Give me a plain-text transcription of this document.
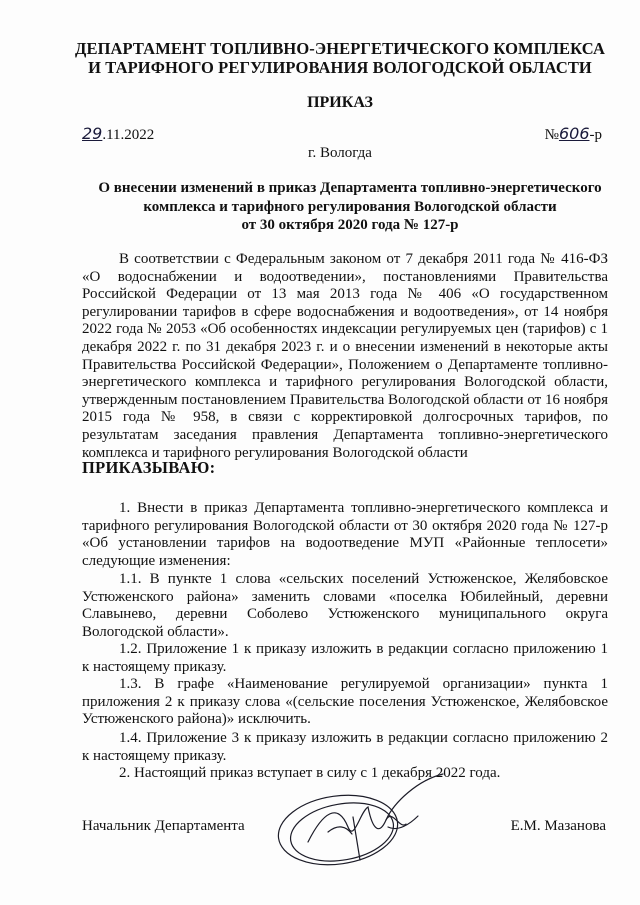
ДЕПАРТАМЕНТ ТОПЛИВНО-ЭНЕРГЕТИЧЕСКОГО КОМПЛЕКСА
И ТАРИФНОГО РЕГУЛИРОВАНИЯ ВОЛОГОДСКОЙ ОБЛАСТИ
ПРИКАЗ
29.11.2022	№606-р
г. Вологда
О внесении изменений в приказ Департамента топливно-энергетического
комплекса и тарифного регулирования Вологодской области
от 30 октября 2020 года № 127-р

В соответствии с Федеральным законом от 7 декабря 2011 года № 416-ФЗ «О водоснабжении и водоотведении», постановлениями Правительства Российской Федерации от 13 мая 2013 года № 406 «О государственном регулировании тарифов в сфере водоснабжения и водоотведения», от 14 ноября 2022 года № 2053 «Об особенностях индексации регулируемых цен (тарифов) с 1 декабря 2022 г. по 31 декабря 2023 г. и о внесении изменений в некоторые акты Правительства Российской Федерации», Положением о Департаменте топливно-энергетического комплекса и тарифного регулирования Вологодской области, утвержденным постановлением Правительства Вологодской области от 16 ноября 2015 года № 958, в связи с корректировкой долгосрочных тарифов, по результатам заседания правления Департамента топливно-энергетического комплекса и тарифного регулирования Вологодской области

ПРИКАЗЫВАЮ:

1. Внести в приказ Департамента топливно-энергетического комплекса и тарифного регулирования Вологодской области от 30 октября 2020 года № 127-р «Об установлении тарифов на водоотведение МУП «Районные теплосети» следующие изменения:

1.1. В пункте 1 слова «сельских поселений Устюженское, Желябовское Устюженского района» заменить словами «поселка Юбилейный, деревни Славынево, деревни Соболево Устюженского муниципального округа Вологодской области».

1.2. Приложение 1 к приказу изложить в редакции согласно приложению 1 к настоящему приказу.

1.3. В графе «Наименование регулируемой организации» пункта 1 приложения 2 к приказу слова «(сельские поселения Устюженское, Желябовское Устюженского района)» исключить.

1.4. Приложение 3 к приказу изложить в редакции согласно приложению 2 к настоящему приказу.

2. Настоящий приказ вступает в силу с 1 декабря 2022 года.

Начальник Департамента	Е.М. Мазанова
